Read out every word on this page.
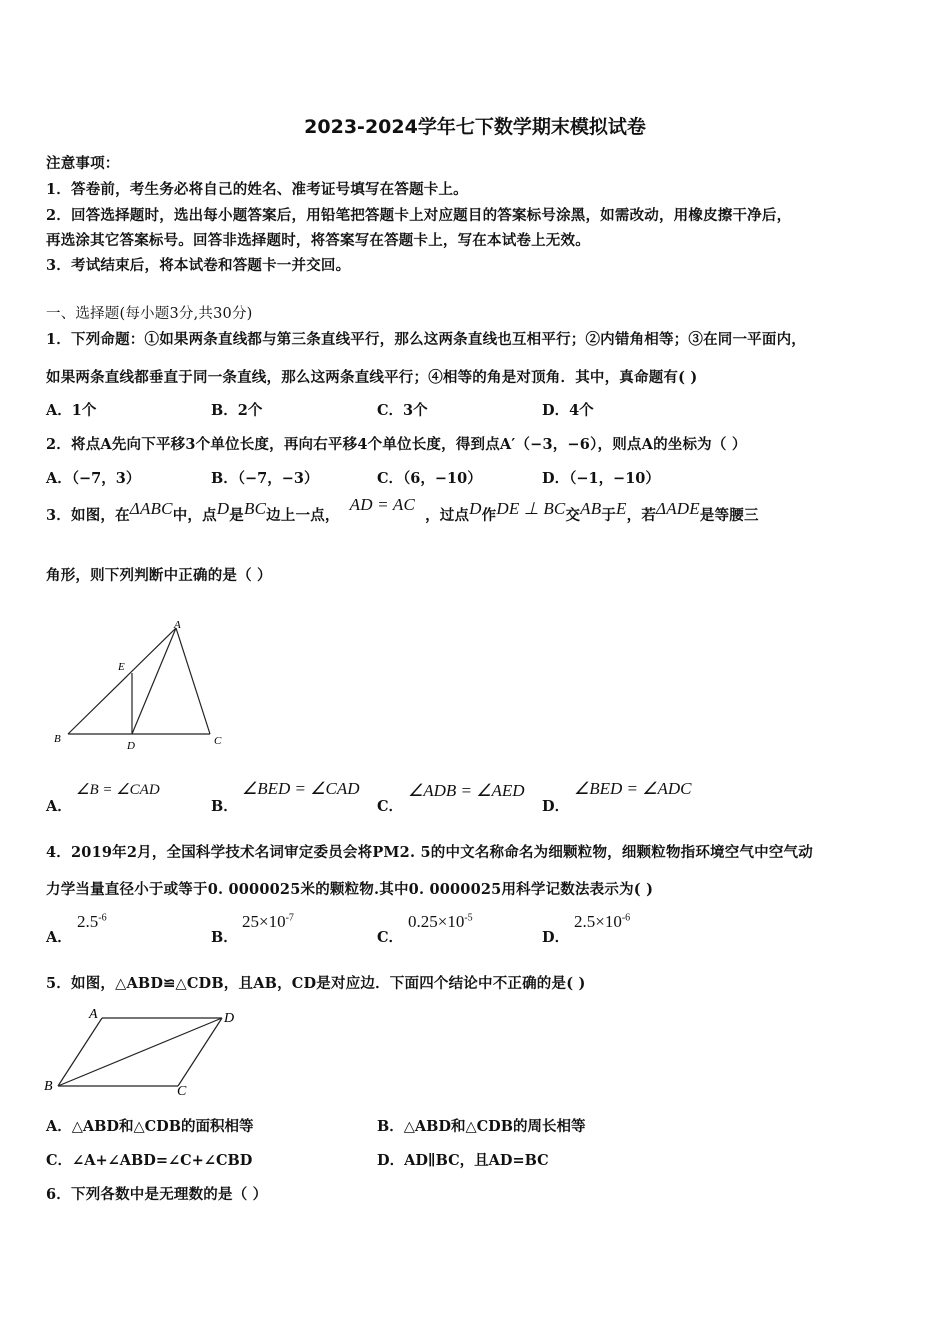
2023-2024学年七下数学期末模拟试卷
注意事项：
1．答卷前，考生务必将自己的姓名、准考证号填写在答题卡上。
2．回答选择题时，选出每小题答案后，用铅笔把答题卡上对应题目的答案标号涂黑，如需改动，用橡皮擦干净后，
再选涂其它答案标号。回答非选择题时，将答案写在答题卡上，写在本试卷上无效。
3．考试结束后，将本试卷和答题卡一并交回。
一、选择题(每小题3分,共30分)
1．下列命题：①如果两条直线都与第三条直线平行，那么这两条直线也互相平行；②内错角相等；③在同一平面内，
如果两条直线都垂直于同一条直线，那么这两条直线平行；④相等的角是对顶角．其中，真命题有( )
A．1个	B．2个	C．3个	D．4个
2．将点A先向下平移3个单位长度，再向右平移4个单位长度，得到点A′（−3，−6），则点A的坐标为（ ）
A．（−7，3）	B．（−7，−3）	C．（6，−10）	D．（−1，−10）
3．如图，在ΔABC中，点D是BC边上一点，AD = AC，过点D作DE ⊥ BC交AB于E，若ΔADE是等腰三
角形，则下列判断中正确的是（ ）
A
B	C
D
E
A．
∠B = ∠CAD
B．
∠BED = ∠CAD
C．
∠ADB = ∠AED
D．
∠BED = ∠ADC
4．2019年2月，全国科学技术名词审定委员会将PM2. 5的中文名称命名为细颗粒物，细颗粒物指环境空气中空气动
力学当量直径小于或等于0. 0000025米的颗粒物.其中0. 0000025用科学记数法表示为( )
A．
$2.5^{-6}$
B．
$25\times 10^{-7}$
C．
$0.25\times 10^{-5}$
D．
$2.5\times 10^{-6}$
5．如图，△ABD≌△CDB，且AB，CD是对应边．下面四个结论中不正确的是( )
A
B	C
D
A．△ABD和△CDB的面积相等	B．△ABD和△CDB的周长相等
C．∠A+∠ABD=∠C+∠CBD	D．AD∥BC，且AD=BC
6．下列各数中是无理数的是（ ）
